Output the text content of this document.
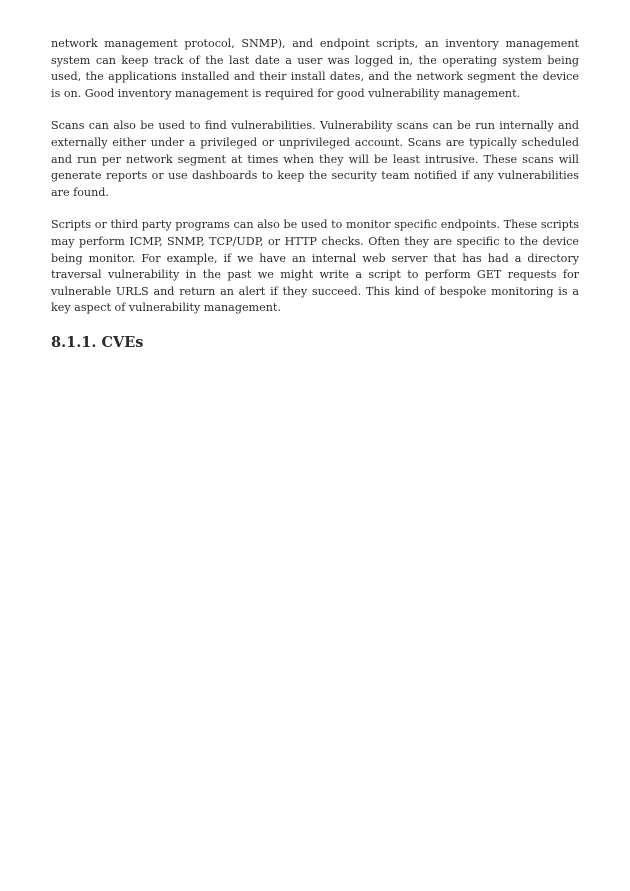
network management protocol, SNMP), and endpoint scripts, an inventory management system can keep track of the last date a user was logged in, the operating system being used, the applications installed and their install dates, and the network segment the device is on. Good inventory management is required for good vulnerability management.

Scans can also be used to find vulnerabilities. Vulnerability scans can be run internally and externally either under a privileged or unprivileged account. Scans are typically scheduled and run per network segment at times when they will be least intrusive. These scans will generate reports or use dashboards to keep the security team notified if any vulnerabilities are found.

Scripts or third party programs can also be used to monitor specific endpoints. These scripts may perform ICMP, SNMP, TCP/UDP, or HTTP checks. Often they are specific to the device being monitor. For example, if we have an internal web server that has had a directory traversal vulnerability in the past we might write a script to perform GET requests for vulnerable URLS and return an alert if they succeed. This kind of bespoke monitoring is a key aspect of vulnerability management.

8.1.1. CVEs
